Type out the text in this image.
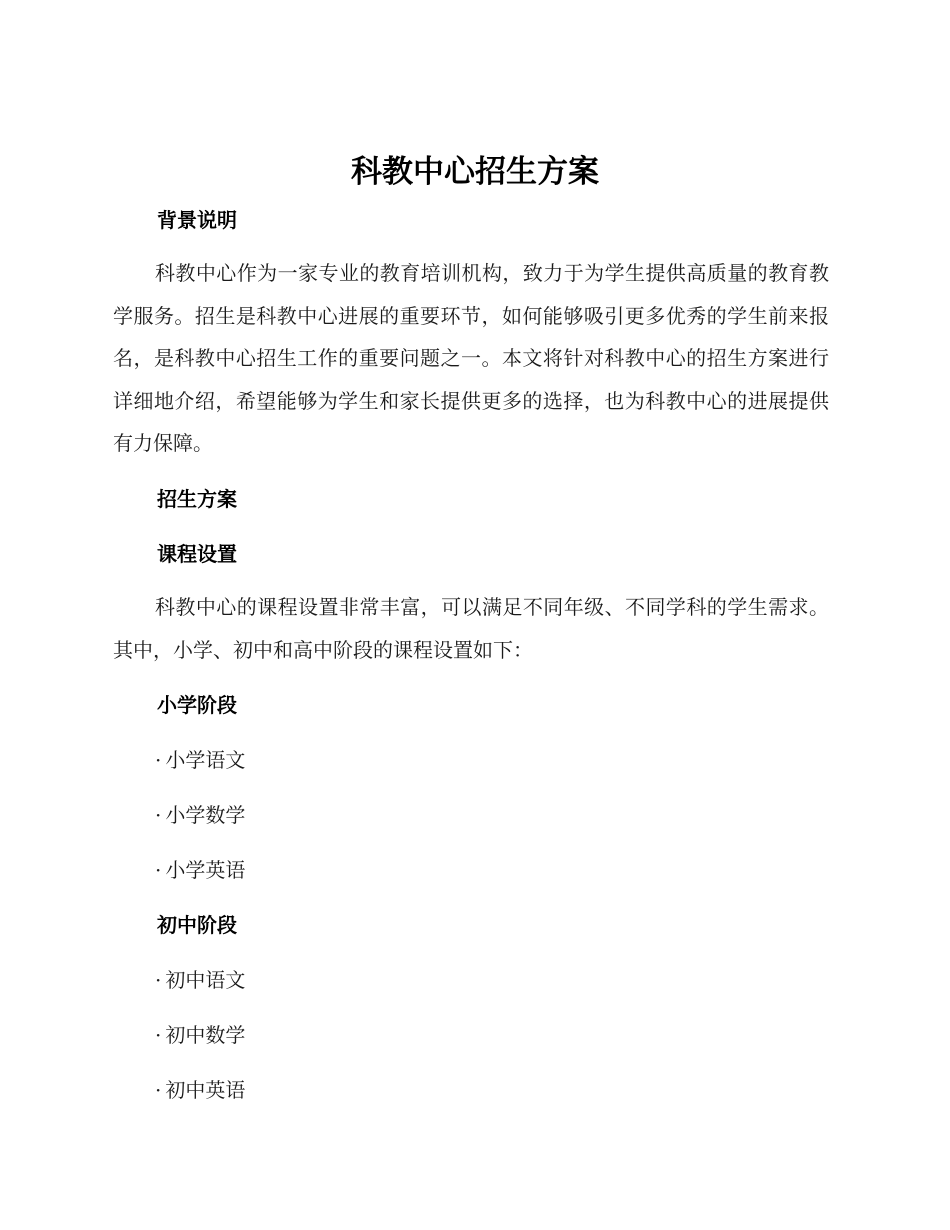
科教中心招生方案
背景说明

科教中心作为一家专业的教育培训机构，致力于为学生提供高质量的教育教学服务。招生是科教中心进展的重要环节，如何能够吸引更多优秀的学生前来报名，是科教中心招生工作的重要问题之一。本文将针对科教中心的招生方案进行详细地介绍，希望能够为学生和家长提供更多的选择，也为科教中心的进展提供有力保障。

招生方案
课程设置

科教中心的课程设置非常丰富，可以满足不同年级、不同学科的学生需求。其中，小学、初中和高中阶段的课程设置如下：

小学阶段
· 小学语文
· 小学数学
· 小学英语
初中阶段
· 初中语文
· 初中数学
· 初中英语
